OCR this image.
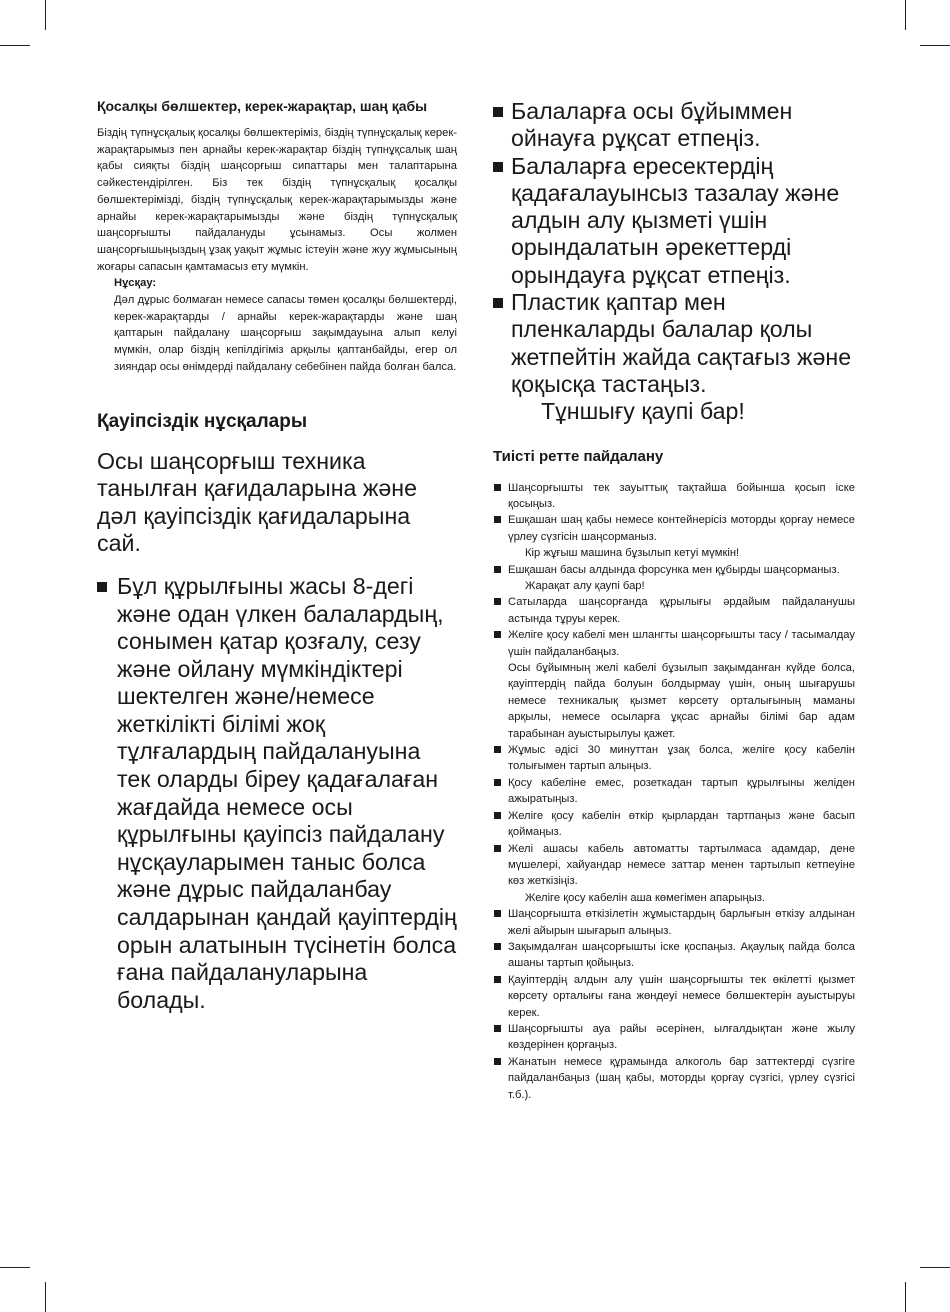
Қосалқы бөлшектер, керек-жарақтар, шаң қабы

Біздің түпнұсқалық қосалқы бөлшектеріміз, біздің түпнұсқалық керек-жарақтарымыз пен арнайы керек-жарақтар біздің түпнұқсалық шаң қабы сияқты біздің шаңсорғыш сипаттары мен талаптарына сәйкестендірілген. Біз тек біздің түпнұсқалық қосалқы бөлшектерімізді, біздің түпнұсқалық керек-жарақтарымызды және арнайы керек-жарақтарымызды және біздің түпнұсқалық шаңсорғышты пайдалануды ұсынамыз. Осы жолмен шаңсорғышыңыздың ұзақ уақыт жұмыс істеуін және жуу жұмысының жоғары сапасын қамтамасыз ету мүмкін.

Нұсқау:

Дәл дұрыс болмаған немесе сапасы төмен қосалқы бөлшектерді, керек-жарақтарды / арнайы керек-жарақтарды және шаң қаптарын пайдалану шаңсорғыш зақымдауына алып келуі мүмкін, олар біздің кепілдігіміз арқылы қаптанбайды, егер ол зияндар осы өнімдерді пайдалану себебінен пайда болған балса.

Қауіпсіздік нұсқалары

Осы шаңсорғыш техника танылған қағидаларына және дәл қауіпсіздік қағидаларына сай.

Бұл құрылғыны жасы 8-дегі және одан үлкен балалардың, сонымен қатар қозғалу, сезу және ойлану мүмкіндіктері шектелген және/немесе жеткілікті білімі жоқ тұлғалардың пайдалануына тек оларды біреу қадағалаған жағдайда немесе осы құрылғыны қауіпсіз пайдалану нұсқауларымен таныс болса және дұрыс пайдаланбау салдарынан қандай қауіптердің орын алатынын түсінетін болса ғана пайдалануларына болады.
Балаларға осы бұйыммен ойнауға рұқсат етпеңіз.
Балаларға ересектердің қадағалауынсыз тазалау және алдын алу қызметі үшін орындалатын әрекеттерді орындауға рұқсат етпеңіз.
Пластик қаптар мен пленкаларды балалар қолы жетпейтін жайда сақтағыз және қоқысқа тастаңыз.
Тұншығу қаупі бар!
Тиісті ретте пайдалану
Шаңсорғышты тек зауыттық тақтайша бойынша қосып іске қосыңыз.
Ешқашан шаң қабы немесе контейнерісіз моторды қорғау немесе үрлеу сүзгісін шаңсорманыз.
Кір жұғыш машина бұзылып кетуі мүмкін!
Ешқашан басы алдында форсунка мен құбырды шаңсорманыз.
Жарақат алу қаупі бар!
Сатыларда шаңсорғанда құрылығы әрдайым пайдаланушы астында тұруы керек.
Желіге қосу кабелі мен шлангты шаңсорғышты тасу / тасымалдау үшін пайдаланбаңыз.
Осы бұйымның желі кабелі бұзылып зақымданған күйде болса, қауіптердің пайда болуын болдырмау үшін, оның шығарушы немесе техникалық қызмет көрсету орталығының маманы арқылы, немесе осыларға ұқсас арнайы білімі бар адам тарабынан ауыстырылуы қажет.
Жұмыс әдісі 30 минуттан ұзақ болса, желіге қосу кабелін толығымен тартып алыңыз.
Қосу кабеліне емес, розеткадан тартып құрылғыны желіден ажыратыңыз.
Желіге қосу кабелін өткір қырлардан тартпаңыз және басып қоймаңыз.
Желі ашасы кабель автоматты тартылмаса адамдар, дене мүшелері, хайуандар немесе заттар менен тартылып кетпеуіне көз жеткізіңіз.
Желіге қосу кабелін аша көмегімен апарыңыз.
Шаңсорғышта өткізілетін жұмыстардың барлығын өткізу алдынан желі айырын шығарып алыңыз.
Зақымдалған шаңсорғышты іске қоспаңыз. Ақаулық пайда болса ашаны тартып қойыңыз.
Қауіптердің алдын алу үшін шаңсорғышты тек өкілетті қызмет көрсету орталығы ғана жөндеуі немесе бөлшектерін ауыстыруы керек.
Шаңсорғышты ауа райы әсерінен, ылғалдықтан және жылу көздерінен қорғаңыз.
Жанатын немесе құрамында алкоголь бар заттектерді сүзгіге пайдаланбаңыз (шаң қабы, моторды қорғау сүзгісі, үрлеу сүзгісі т.б.).
